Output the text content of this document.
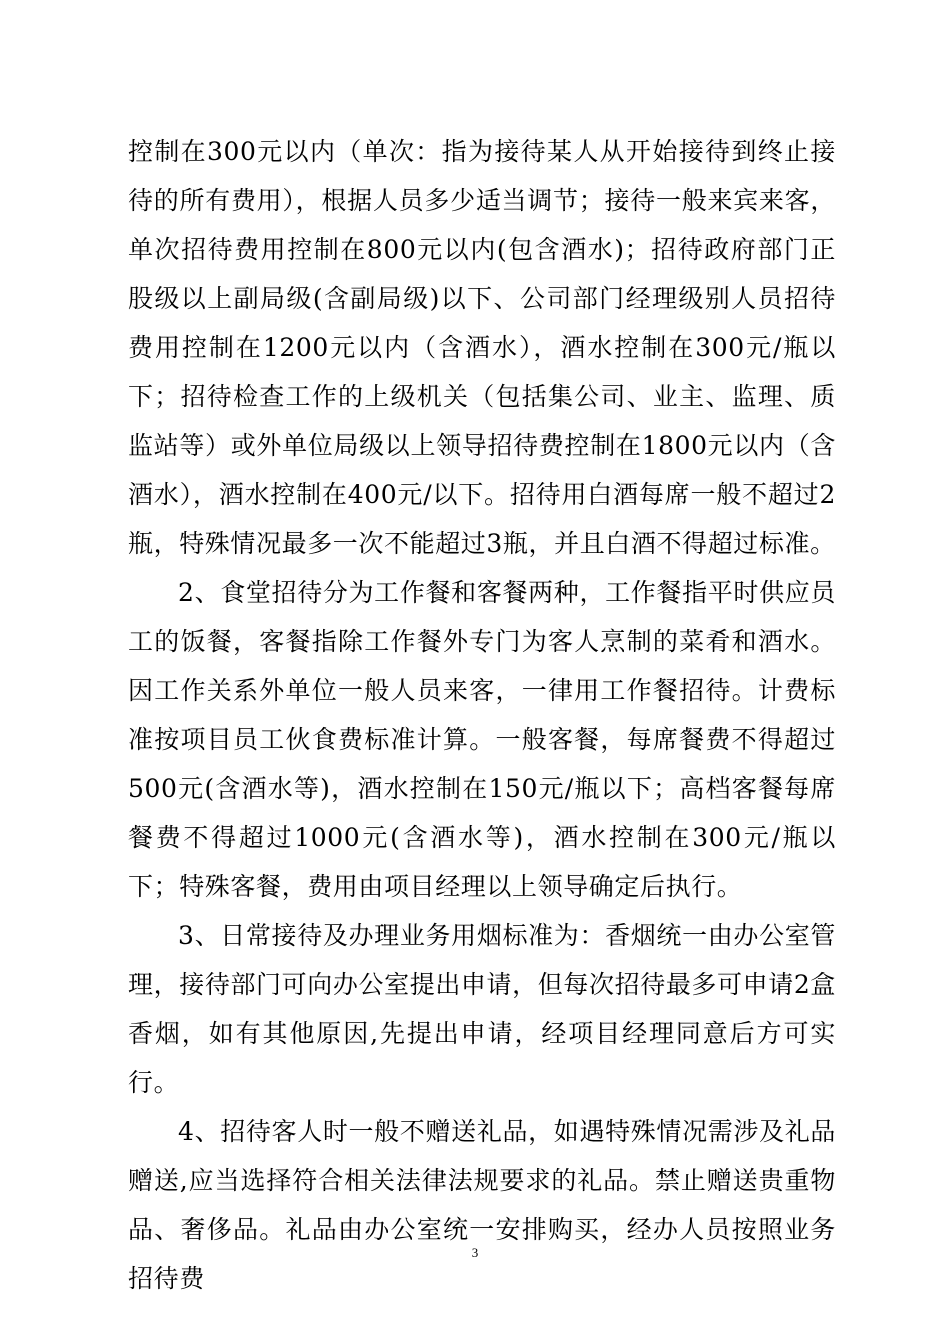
控制在300元以内（单次：指为接待某人从开始接待到终止接待的所有费用），根据人员多少适当调节；接待一般来宾来客，单次招待费用控制在800元以内(包含酒水)；招待政府部门正股级以上副局级(含副局级)以下、公司部门经理级别人员招待费用控制在1200元以内（含酒水），酒水控制在300元/瓶以下；招待检查工作的上级机关（包括集公司、业主、监理、质监站等）或外单位局级以上领导招待费控制在1800元以内（含酒水），酒水控制在400元/以下。招待用白酒每席一般不超过2瓶，特殊情况最多一次不能超过3瓶，并且白酒不得超过标准。

2、食堂招待分为工作餐和客餐两种，工作餐指平时供应员工的饭餐，客餐指除工作餐外专门为客人烹制的菜肴和酒水。因工作关系外单位一般人员来客，一律用工作餐招待。计费标准按项目员工伙食费标准计算。一般客餐，每席餐费不得超过500元(含酒水等)，酒水控制在150元/瓶以下；高档客餐每席餐费不得超过1000元(含酒水等)，酒水控制在300元/瓶以下；特殊客餐，费用由项目经理以上领导确定后执行。

3、日常接待及办理业务用烟标准为：香烟统一由办公室管理，接待部门可向办公室提出申请，但每次招待最多可申请2盒香烟，如有其他原因,先提出申请，经项目经理同意后方可实行。

4、招待客人时一般不赠送礼品，如遇特殊情况需涉及礼品赠送,应当选择符合相关法律法规要求的礼品。禁止赠送贵重物品、奢侈品。礼品由办公室统一安排购买，经办人员按照业务招待费

3
